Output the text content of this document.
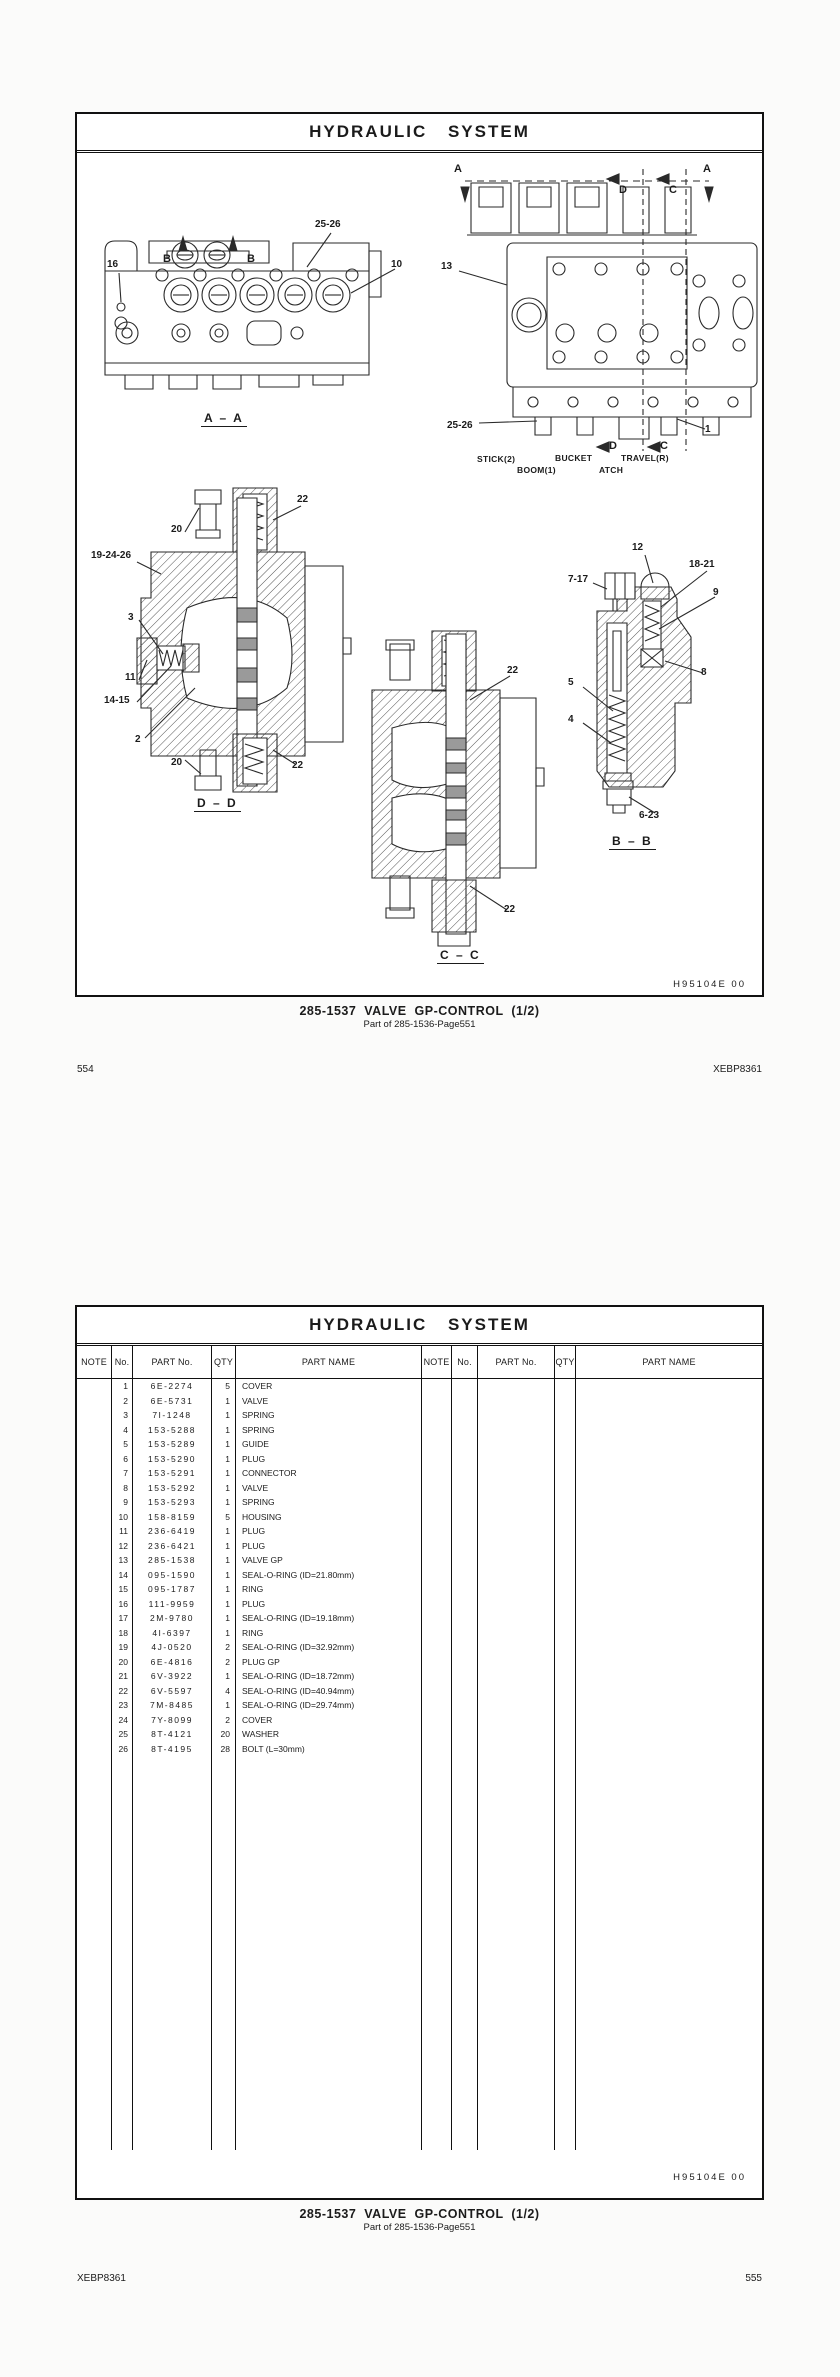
HYDRAULIC SYSTEM
16	B	B
25-26
10
A	A
D	C
13
25-26	1
D	C
20
22
19-24-26
3
11
14-15
2
20	22
22
22
12
18-21
7-17
9
8
5
4
6-23
STICK(2)	BUCKET	TRAVEL(R)
BOOM(1)	ATCH
A – A
D – D
C – C
B – B
H95104E 00
285-1537 VALVE GP-CONTROL (1/2)
Part of 285-1536-Page551
554	XEBP8361
HYDRAULIC SYSTEM
NOTE No.	PART No.	QTY	PART NAME	NOTE No.	PART No.	QTY	PART NAME
1	6E-2274	5	COVER
2	6E-5731	1	VALVE
3	7I-1248	1	SPRING
4	153-5288	1	SPRING
5	153-5289	1	GUIDE
6	153-5290	1	PLUG
7	153-5291	1	CONNECTOR
8	153-5292	1	VALVE
9	153-5293	1	SPRING
10	158-8159	5	HOUSING
11	236-6419	1	PLUG
12	236-6421	1	PLUG
13	285-1538	1	VALVE GP
14	095-1590	1	SEAL-O-RING (ID=21.80mm)
15	095-1787	1	RING
16	111-9959	1	PLUG
17	2M-9780	1	SEAL-O-RING (ID=19.18mm)
18	4I-6397	1	RING
19	4J-0520	2	SEAL-O-RING (ID=32.92mm)
20	6E-4816	2	PLUG GP
21	6V-3922	1	SEAL-O-RING (ID=18.72mm)
22	6V-5597	4	SEAL-O-RING (ID=40.94mm)
23	7M-8485	1	SEAL-O-RING (ID=29.74mm)
24	7Y-8099	2	COVER
25	8T-4121	20	WASHER
26	8T-4195	28	BOLT (L=30mm)
H95104E 00
285-1537 VALVE GP-CONTROL (1/2)
Part of 285-1536-Page551
XEBP8361	555
